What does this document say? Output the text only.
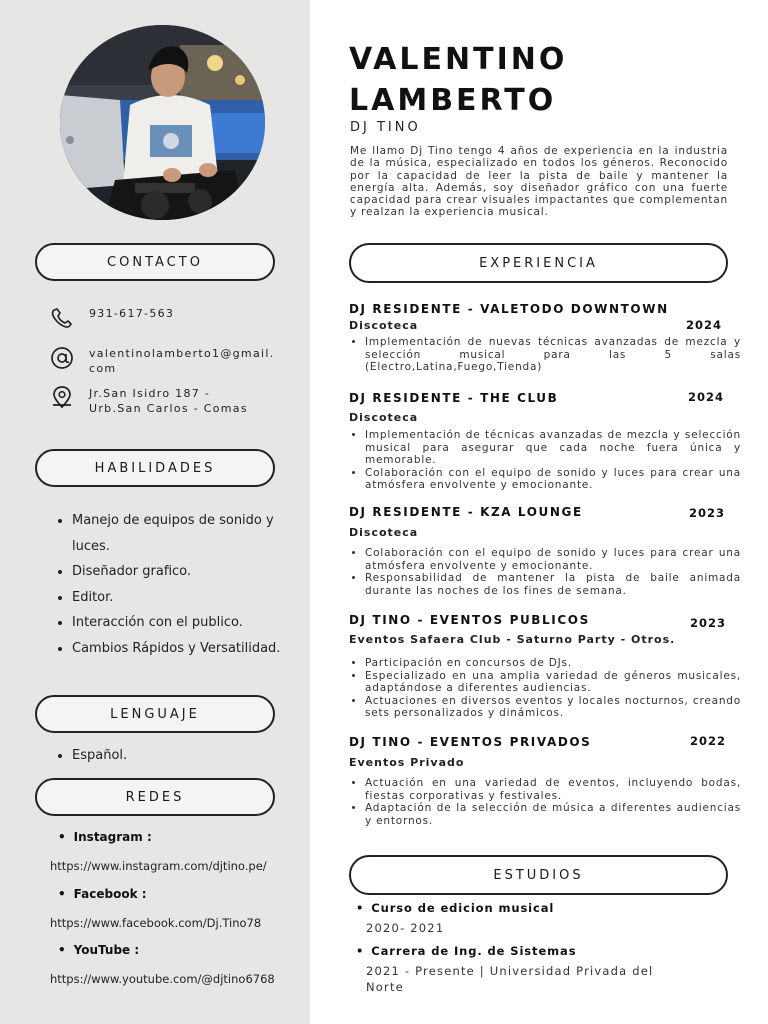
CONTACTO
931-617-563
valentinolamberto1@gmail.
com
Jr.San Isidro 187 -
Urb.San Carlos - Comas
HABILIDADES
• Manejo de equipos de sonido y luces.
• Diseñador grafico.
• Editor.
• Interacción con el publico.
• Cambios Rápidos y Versatilidad.
LENGUAJE
• Español.
REDES
• Instagram :
https://www.instagram.com/djtino.pe/
• Facebook :
https://www.facebook.com/Dj.Tino78
• YouTube :
https://www.youtube.com/@djtino6768
VALENTINO
LAMBERTO
DJ TINO

Me llamo Dj Tino tengo 4 años de experiencia en la industria de la música, especializado en todos los géneros. Reconocido por la capacidad de leer la pista de baile y mantener la energía alta. Además, soy diseñador gráfico con una fuerte capacidad para crear visuales impactantes que complementan y realzan la experiencia musical.

EXPERIENCIA
DJ RESIDENTE - VALETODO DOWNTOWN
Discoteca	2024
• Implementación de nuevas técnicas avanzadas de mezcla y selección musical para las 5 salas (Electro,Latina,Fuego,Tienda)
DJ RESIDENTE - THE CLUB	2024
Discoteca
• Implementación de técnicas avanzadas de mezcla y selección musical para asegurar que cada noche fuera única y memorable.
• Colaboración con el equipo de sonido y luces para crear una atmósfera envolvente y emocionante.
DJ RESIDENTE - KZA LOUNGE	2023
Discoteca
• Colaboración con el equipo de sonido y luces para crear una atmósfera envolvente y emocionante.
• Responsabilidad de mantener la pista de baile animada durante las noches de los fines de semana.
DJ TINO - EVENTOS PUBLICOS	2023
Eventos Safaera Club - Saturno Party - Otros.
• Participación en concursos de DJs.
• Especializado en una amplia variedad de géneros musicales, adaptándose a diferentes audiencias.
• Actuaciones en diversos eventos y locales nocturnos, creando sets personalizados y dinámicos.
DJ TINO - EVENTOS PRIVADOS	2022
Eventos Privado
• Actuación en una variedad de eventos, incluyendo bodas, fiestas corporativas y festivales.
• Adaptación de la selección de música a diferentes audiencias y entornos.
ESTUDIOS
• Curso de edicion musical
2020- 2021
• Carrera de Ing. de Sistemas
2021 - Presente | Universidad Privada del Norte
